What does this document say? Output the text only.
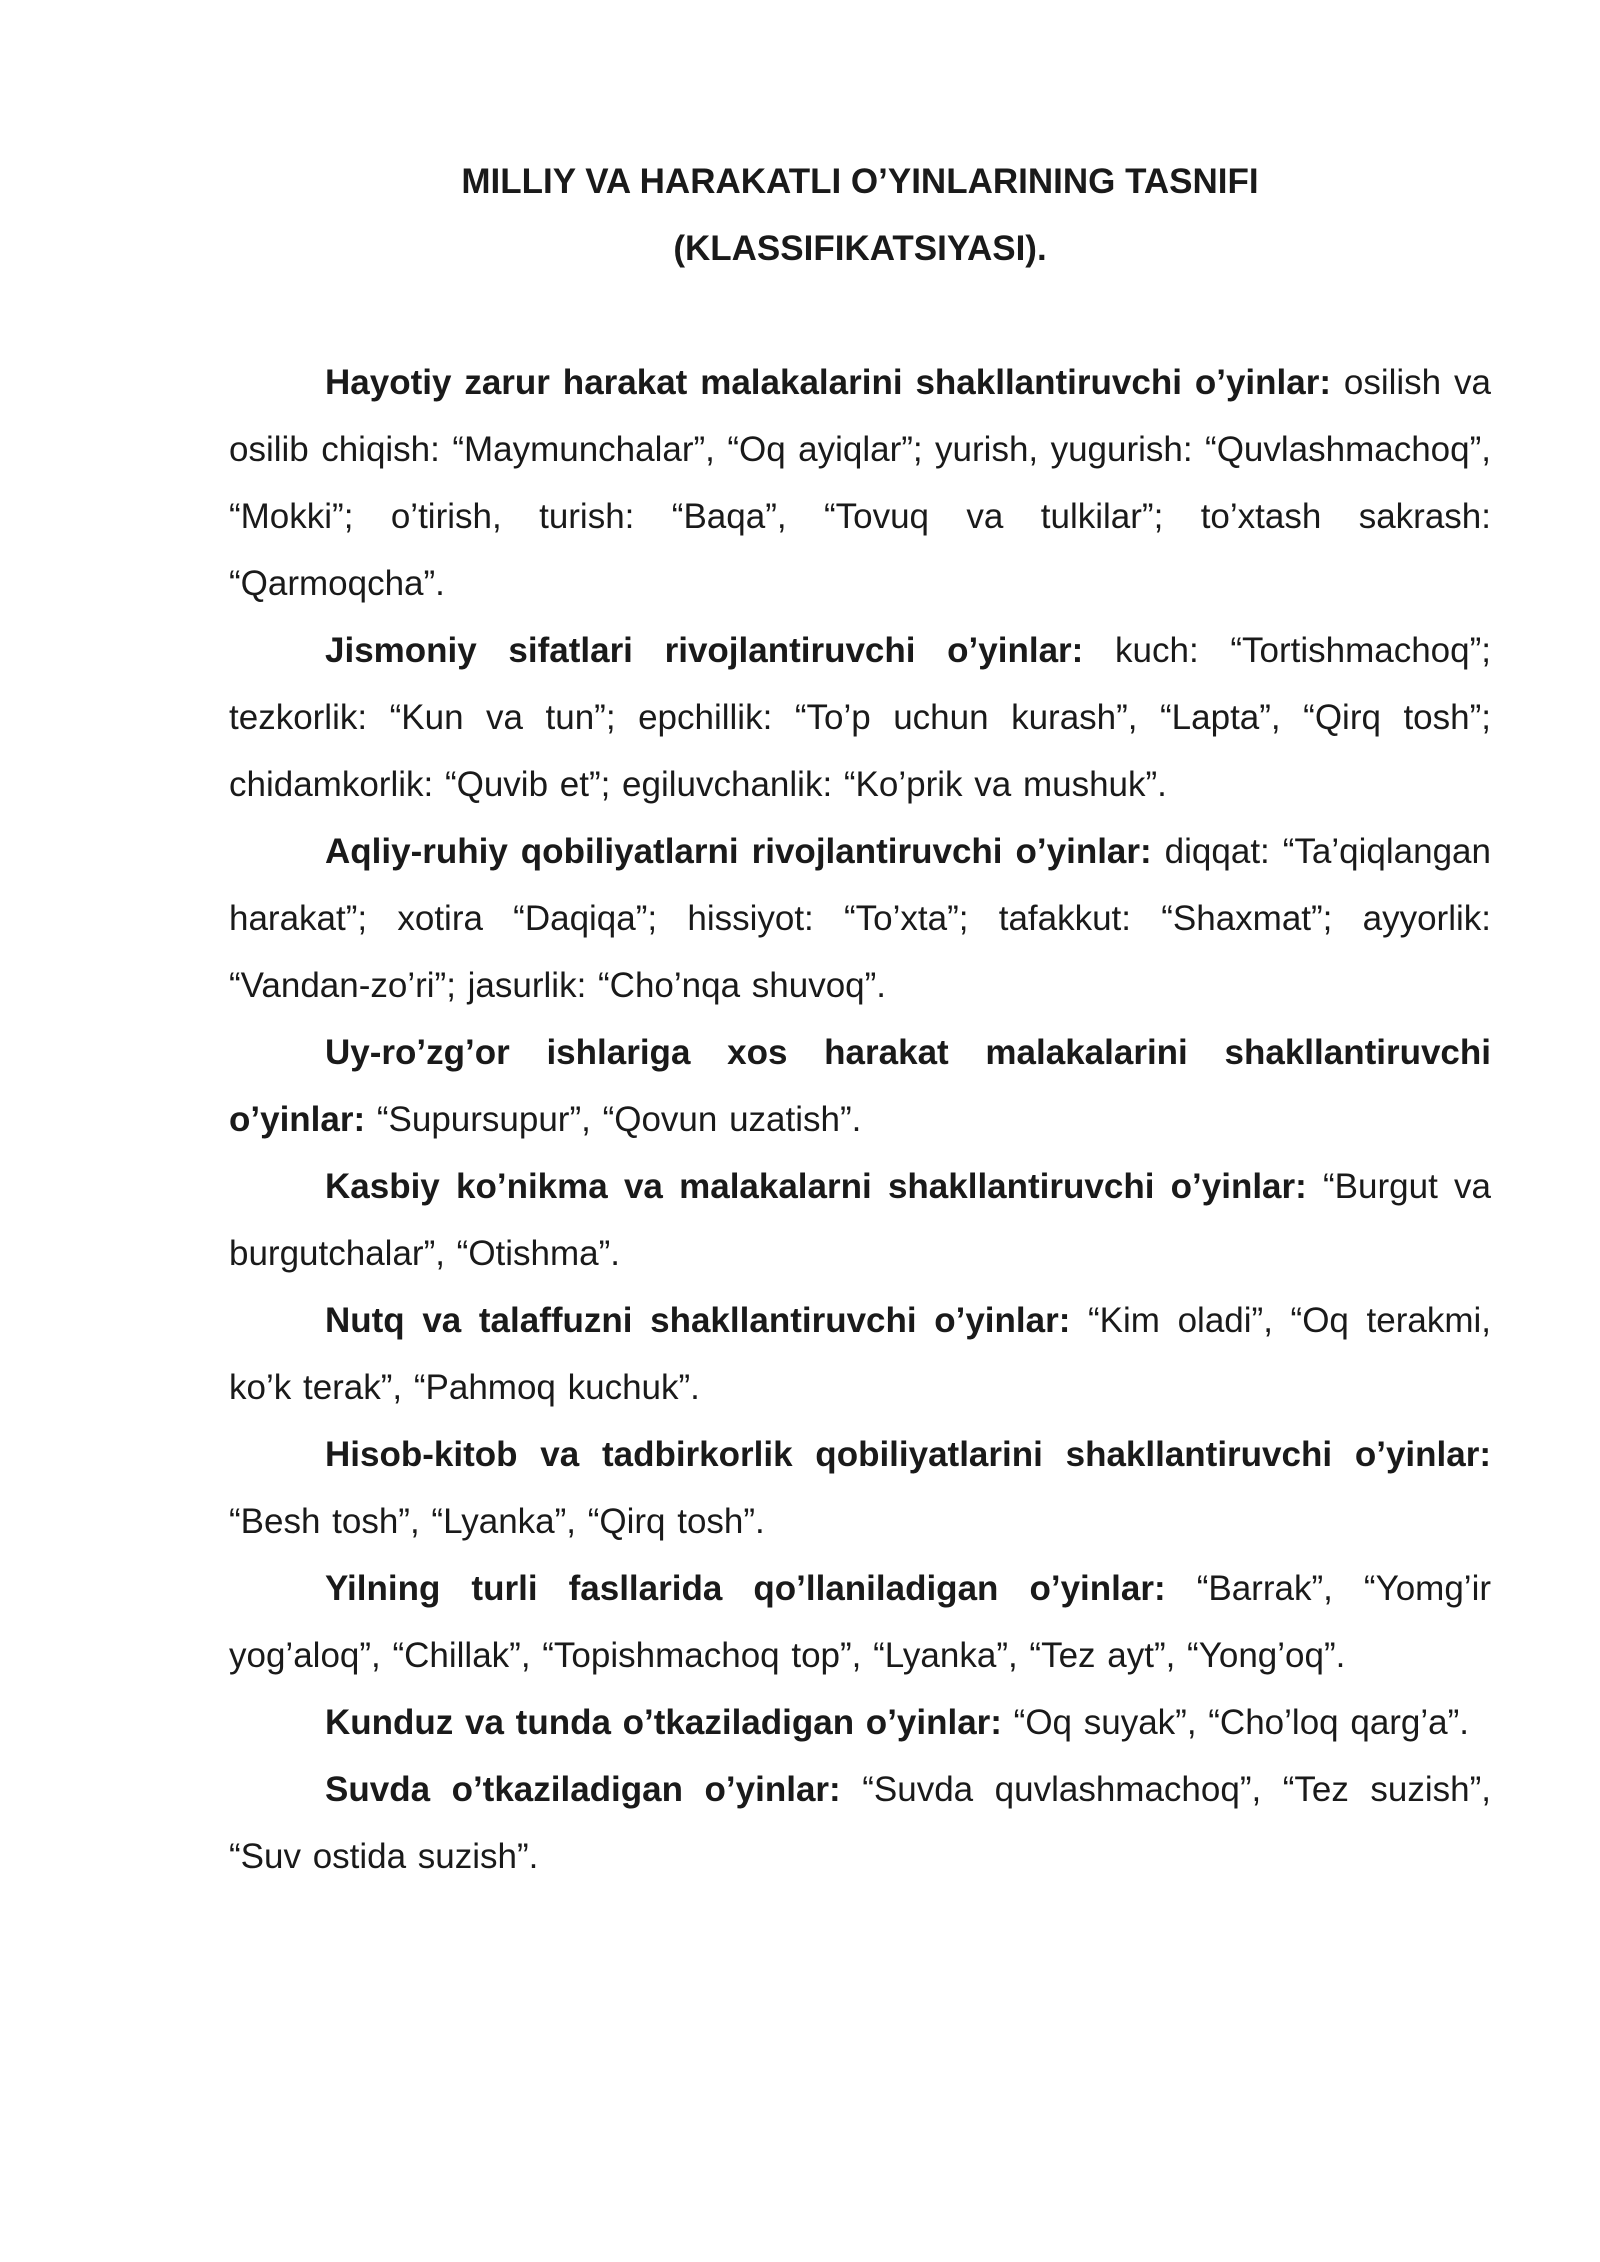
MILLIY VA HARAKATLI O’YINLARINING TASNIFI
(KLASSIFIKATSIYASI).

Hayotiy zarur harakat malakalarini shakllantiruvchi o’yinlar: osilish va osilib chiqish: “Maymunchalar”, “Oq ayiqlar”; yurish, yugurish: “Quvlashmachoq”, “Mokki”; o’tirish, turish: “Baqa”, “Tovuq va tulkilar”; to’xtash sakrash: “Qarmoqcha”.

Jismoniy sifatlari rivojlantiruvchi o’yinlar: kuch: “Tortishmachoq”; tezkorlik: “Kun va tun”; epchillik: “To’p uchun kurash”, “Lapta”, “Qirq tosh”; chidamkorlik: “Quvib et”; egiluvchanlik: “Ko’prik va mushuk”.

Aqliy-ruhiy qobiliyatlarni rivojlantiruvchi o’yinlar: diqqat: “Ta’qiqlangan harakat”; xotira “Daqiqa”; hissiyot: “To’xta”; tafakkut: “Shaxmat”; ayyorlik: “Vandan-zo’ri”; jasurlik: “Cho’nqa shuvoq”.

Uy-ro’zg’or ishlariga xos harakat malakalarini shakllantiruvchi o’yinlar: “Supursupur”, “Qovun uzatish”.

Kasbiy ko’nikma va malakalarni shakllantiruvchi o’yinlar: “Burgut va burgutchalar”, “Otishma”.

Nutq va talaffuzni shakllantiruvchi o’yinlar: “Kim oladi”, “Oq terakmi, ko’k terak”, “Pahmoq kuchuk”.

Hisob-kitob va tadbirkorlik qobiliyatlarini shakllantiruvchi o’yinlar: “Besh tosh”, “Lyanka”, “Qirq tosh”.

Yilning turli fasllarida qo’llaniladigan o’yinlar: “Barrak”, “Yomg’ir yog’aloq”, “Chillak”, “Topishmachoq top”, “Lyanka”, “Tez ayt”, “Yong’oq”.

Kunduz va tunda o’tkaziladigan o’yinlar: “Oq suyak”, “Cho’loq qarg’a”.

Suvda o’tkaziladigan o’yinlar: “Suvda quvlashmachoq”, “Tez suzish”, “Suv ostida suzish”.
